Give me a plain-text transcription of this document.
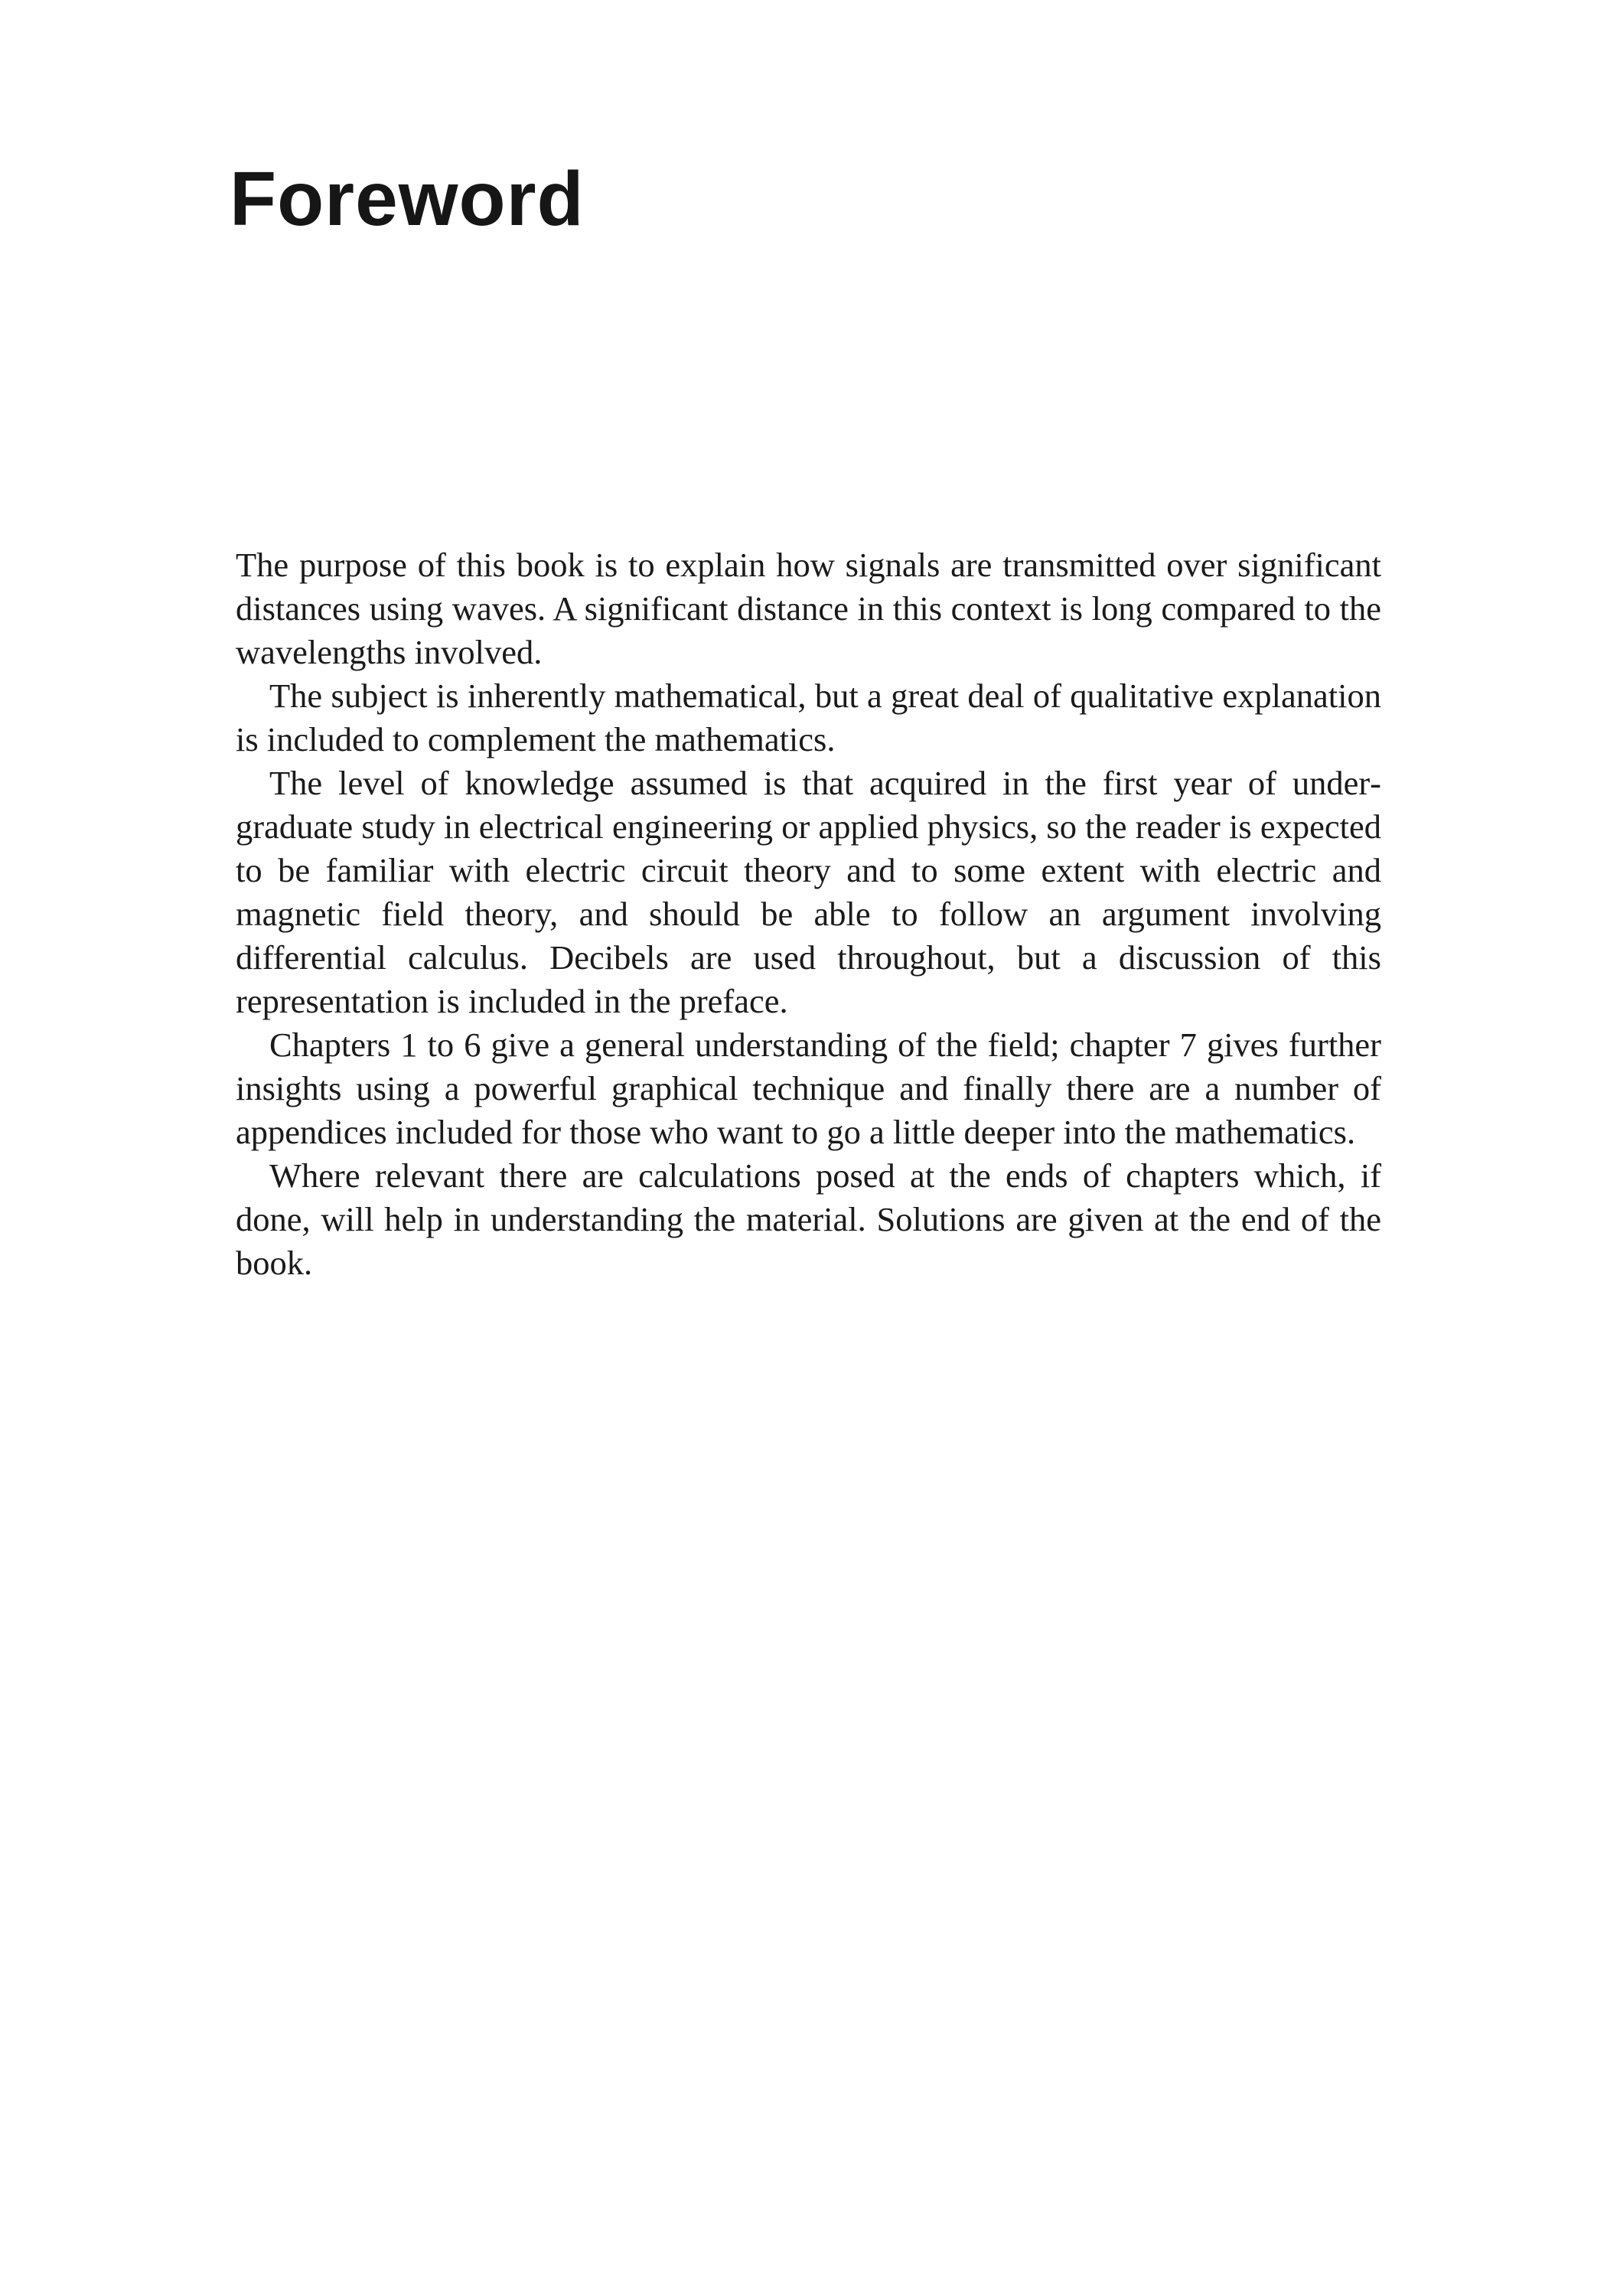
Foreword

The purpose of this book is to explain how signals are transmitted over significant distances using waves. A significant distance in this context is long compared to the wavelengths involved.

The subject is inherently mathematical, but a great deal of qualitative explanation is included to complement the mathematics.

The level of knowledge assumed is that acquired in the first year of undergraduate study in electrical engineering or applied physics, so the reader is expected to be familiar with electric circuit theory and to some extent with electric and magnetic field theory, and should be able to follow an argument involving differential calculus. Decibels are used throughout, but a discussion of this representation is included in the preface.

Chapters 1 to 6 give a general understanding of the field; chapter 7 gives further insights using a powerful graphical technique and finally there are a number of appendices included for those who want to go a little deeper into the mathematics.

Where relevant there are calculations posed at the ends of chapters which, if done, will help in understanding the material. Solutions are given at the end of the book.
